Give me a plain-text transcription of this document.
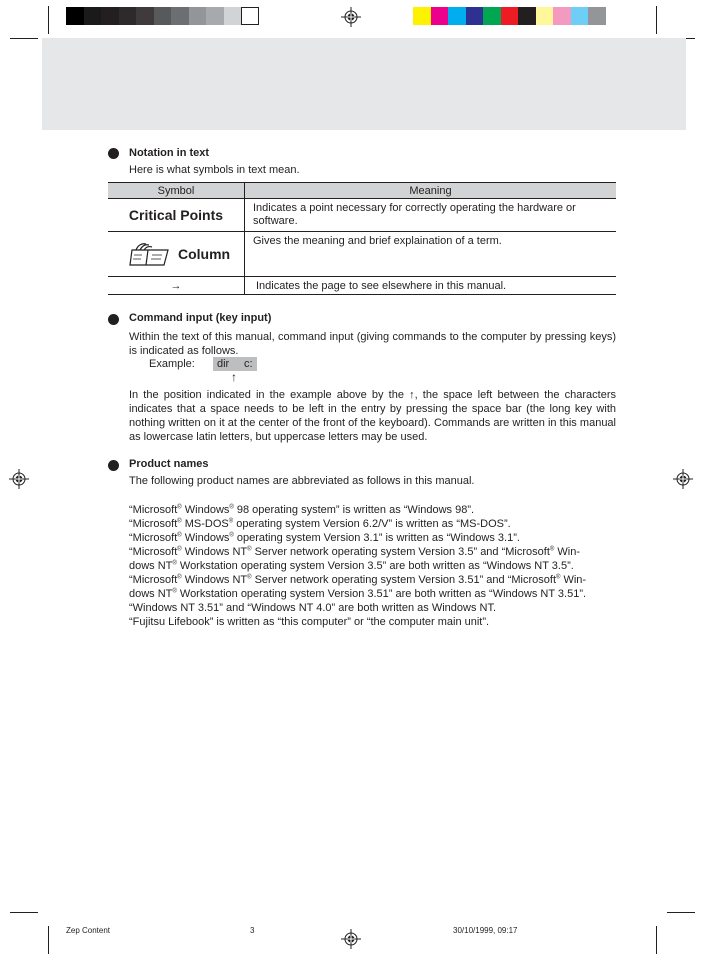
Notation in text
Here is what symbols in text mean.
Symbol	Meaning
Critical Points	Indicates a point necessary for correctly operating the hardware or software.

Column	Gives the meaning and brief explaination of a term.
→	Indicates the page to see elsewhere in this manual.
Command input (key input)
Within the text of this manual, command input (giving commands to the computer by pressing keys) is indicated as follows.
Example: dir c:
↑
In the position indicated in the example above by the ↑, the space left between the characters indicates that a space needs to be left in the entry by pressing the space bar (the long key with nothing written on it at the center of the front of the keyboard). Commands are written in this manual as lowercase latin letters, but uppercase letters may be used.
Product names
The following product names are abbreviated as follows in this manual.
“Microsoft® Windows® 98 operating system” is written as “Windows 98”.
“Microsoft® MS-DOS® operating system Version 6.2/V” is written as “MS-DOS”.
“Microsoft® Windows® operating system Version 3.1” is written as “Windows 3.1”.
“Microsoft® Windows NT® Server network operating system Version 3.5” and “Microsoft® Win-
dows NT® Workstation operating system Version 3.5” are both written as “Windows NT 3.5”.
“Microsoft® Windows NT® Server network operating system Version 3.51” and “Microsoft® Win-
dows NT® Workstation operating system Version 3.51” are both written as “Windows NT 3.51”.
“Windows NT 3.51” and “Windows NT 4.0” are both written as Windows NT.
“Fujitsu Lifebook” is written as “this computer” or “the computer main unit”.
Zep Content	3	30/10/1999, 09:17
